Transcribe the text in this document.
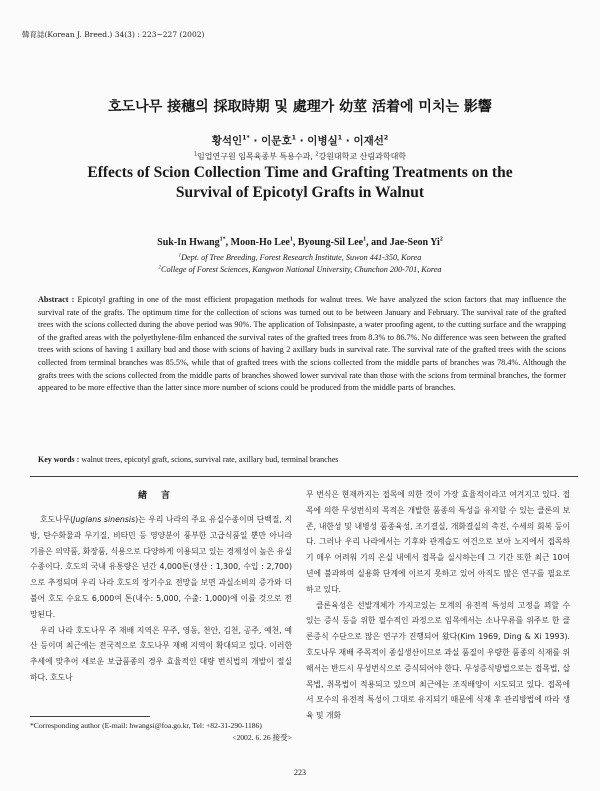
韓育誌(Korean J. Breed.) 34(3) : 223~227 (2002)
호도나무 接穗의 採取時期 및 處理가 幼莖 活着에 미치는 影響
황석인$^{1*}$ · 이문호$^1$ · 이병실$^1$ · 이재선$^2$
$^1$임업연구원 임목육종부 특용수과, $^2$강원대학교 산림과학대학
Effects of Scion Collection Time and Grafting Treatments on the
Survival of Epicotyl Grafts in Walnut
Suk-In Hwang$^{1*}$, Moon-Ho Lee$^1$, Byoung-Sil Lee$^1$, and Jae-Seon Yi$^2$
$^1$Dept. of Tree Breeding, Forest Research Institute, Suwon 441-350, Korea
$^2$College of Forest Sciences, Kangwon National University, Chunchon 200-701, Korea
Abstract : Epicotyl grafting in one of the most efficient propagation methods for walnut trees. We have analyzed the scion factors that may influence the survival rate of the grafts. The optimum time for the collection of scions was turned out to be between January and February. The survival rate of the grafted trees with the scions collected during the above period was 90%. The application of Tobsinpaste, a water proofing agent, to the cutting surface and the wrapping of the grafted areas with the polyethylene-film enhanced the survival rates of the grafted trees from 8.3% to 86.7%. No difference was seen between the grafted trees with scions of having 1 axillary bud and those with scions of having 2 axillary buds in survival rate. The survival rate of the grafted trees with the scions collected from terminal branches was 85.5%, while that of grafted trees with the scions collected from the middle parts of branches was 78.4%. Although the grafts trees with the scions collected from the middle parts of branches showed lower survival rate than those with the scions from terminal branches, the former appeared to be more effective than the latter since more number of scions could be produced from the middle parts of branches.
Key words : walnut trees, epicotyl graft, scions, survival rate, axillary bud, terminal branches
緖言

호도나무(Juglans sinensis)는 우리 나라의 주요 유실수종이며 단백질, 지방, 탄수화물과 무기질, 비타민 등 영양분이 풍부한 고급식품일 뿐만 아니라 기름은 의약품, 화장품, 식용으로 다양하게 이용되고 있는 경제성이 높은 유실 수종이다. 호도의 국내 유통량은 년간 4,000톤(생산 : 1,300, 수입 : 2,700)으로 추정되며 우리 나라 호도의 장기수요 전망을 보면 과실소비의 증가와 더불어 호도 수요도 6,000여 톤(내수: 5,000, 수출: 1,000)에 이를 것으로 전망된다.

우리 나라 호도나무 주 재배 지역은 무주, 영동, 천안, 김천, 공주, 예천, 예산 등이며 최근에는 전국적으로 호도나무 재배 지역이 확대되고 있다. 이러한 추세에 맞추어 새로운 보급품종의 경우 효율적인 대량 번식법의 개발이 절실하다. 호도나

무 번식은 현재까지는 접목에 의한 것이 가장 효율적이라고 여겨지고 있다. 접목에 의한 무성번식의 목적은 개발한 품종의 특성을 유지할 수 있는 클론의 보존, 내한성 및 내병성 품종육성, 조기결실, 개화결실의 촉진, 수세의 회복 등이다. 그러나 우리 나라에서는 기후와 관계습도 여건으로 보아 노지에서 접목하기 매우 어려워 기의 온실 내에서 접목을 실시하는데 그 기간 또한 최근 10여 년에 불과하며 실용화 단계에 이르지 못하고 있어 아직도 많은 연구를 필요로 하고 있다.

클론육성은 선발개체가 가지고있는 모계의 유전적 특성의 고정을 꾀할 수 있는 증식 등을 위한 필수적인 과정으로 임목에서는 소나무류를 위주로 한 클론증식 수단으로 많은 연구가 진행되어 왔다(Kim 1969, Ding & Xi 1993). 호도나무 재배 주목적이 종실생산이므로 과실 품질이 우량한 품종의 식재를 위해서는 반드시 무성번식으로 증식되어야 한다. 무성증식방법으로는 접목법, 삽목법, 취목법이 적용되고 있으며 최근에는 조직배양이 시도되고 있다. 접목에서 모수의 유전적 특성이 그대로 유지되기 때문에 식재 후 관리방법에 따라 생육 및 개화

*Corresponding author (E-mail: hwangsi@foa.go.kr, Tel: +82-31-290-1186)
<2002. 6. 26 接受>
223
